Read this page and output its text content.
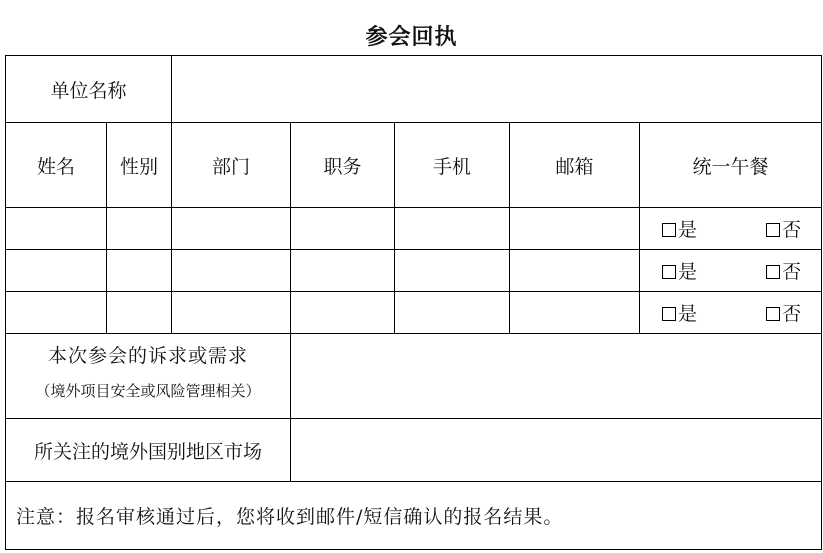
参会回执
单位名称						
姓名	性别	部门	职务	手机	邮箱	统一午餐

						是 否

						是 否

						是 否

本次参会的诉求或需求
（境外项目安全或风险管理相关）						

所关注的境外国别地区市场						
注意：报名审核通过后，您将收到邮件/短信确认的报名结果。						
